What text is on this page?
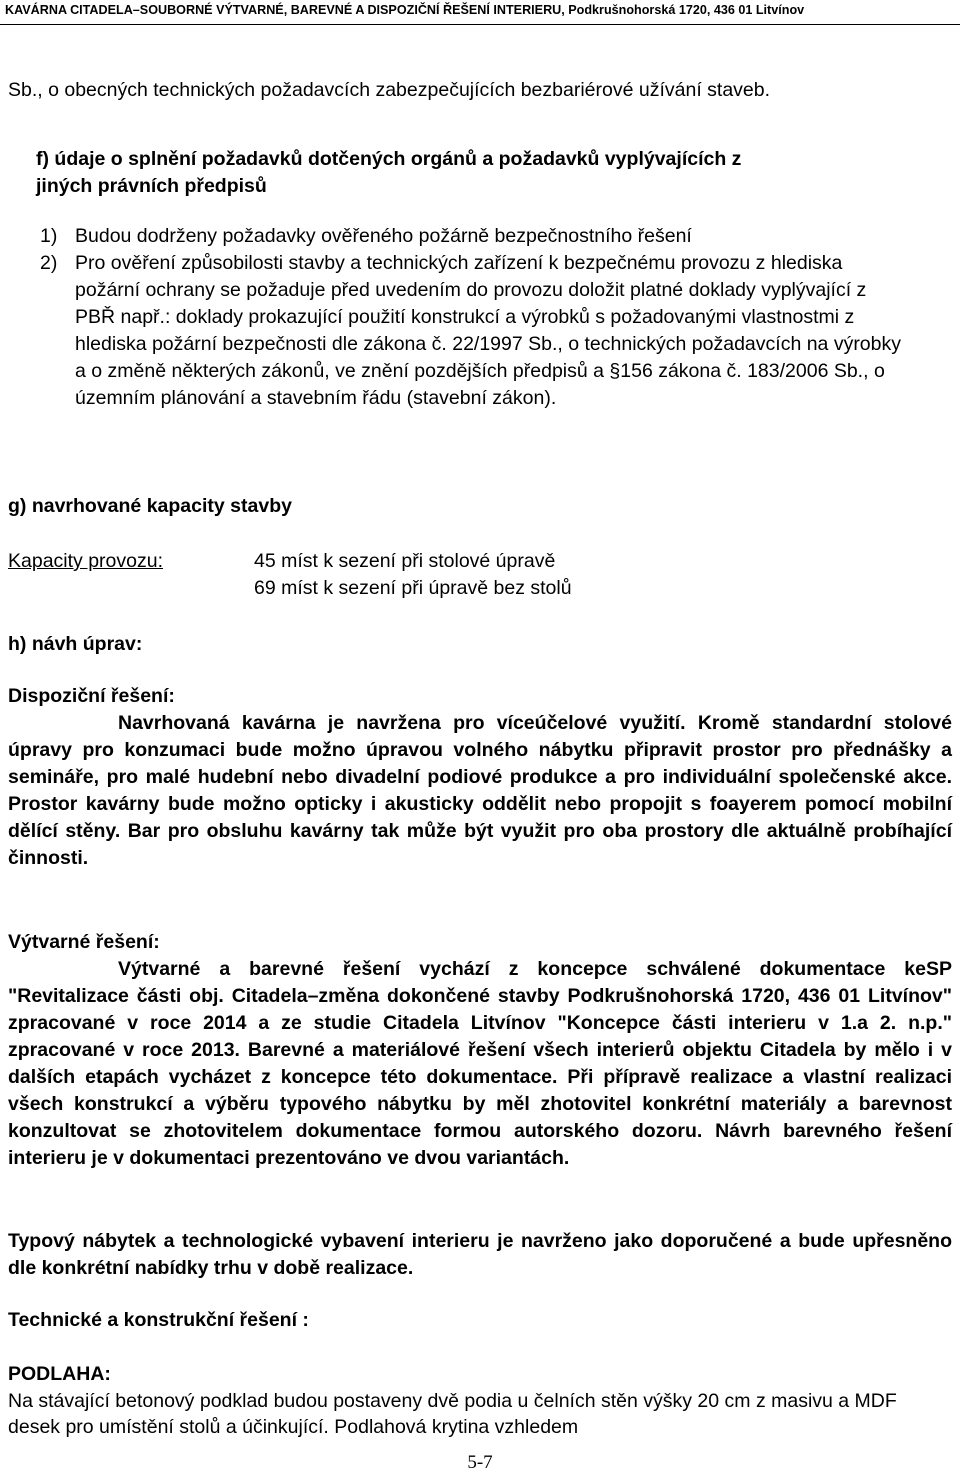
KAVÁRNA CITADELA–SOUBORNÉ VÝTVARNÉ, BAREVNÉ A DISPOZIČNÍ ŘEŠENÍ INTERIERU, Podkrušnohorská 1720, 436 01 Litvínov
Sb., o obecných technických požadavcích zabezpečujících bezbariérové užívání staveb.
f) údaje o splnění požadavků dotčených orgánů a požadavků vyplývajících z
jiných právních předpisů
1) Budou dodrženy požadavky ověřeného požárně bezpečnostního řešení
2) Pro ověření způsobilosti stavby a technických zařízení k bezpečnému provozu z hlediska požární ochrany se požaduje před uvedením do provozu doložit platné doklady vyplývající z PBŘ např.: doklady prokazující použití konstrukcí a výrobků s požadovanými vlastnostmi z hlediska požární bezpečnosti dle zákona č. 22/1997 Sb., o technických požadavcích na výrobky a o změně některých zákonů, ve znění pozdějších předpisů a §156 zákona č. 183/2006 Sb., o územním plánování a stavebním řádu (stavební zákon).
g) navrhované kapacity stavby
Kapacity provozu:	45 míst k sezení při stolové úpravě
69 míst k sezení při úpravě bez stolů
h) návh úprav:
Dispoziční řešení:
Navrhovaná kavárna je navržena pro víceúčelové využití. Kromě standardní stolové úpravy pro konzumaci bude možno úpravou volného nábytku připravit prostor pro přednášky a semináře, pro malé hudební nebo divadelní podiové produkce a pro individuální společenské akce. Prostor kavárny bude možno opticky i akusticky oddělit nebo propojit s foayerem pomocí mobilní dělící stěny. Bar pro obsluhu kavárny tak může být využit pro oba prostory dle aktuálně probíhající činnosti.
Výtvarné řešení:
Výtvarné a barevné řešení vychází z koncepce schválené dokumentace keSP "Revitalizace části obj. Citadela–změna dokončené stavby Podkrušnohorská 1720, 436 01 Litvínov" zpracované v roce 2014 a ze studie Citadela Litvínov "Koncepce části interieru v 1.a 2. n.p." zpracované v roce 2013. Barevné a materiálové řešení všech interierů objektu Citadela by mělo i v dalších etapách vycházet z koncepce této dokumentace. Při přípravě realizace a vlastní realizaci všech konstrukcí a výběru typového nábytku by měl zhotovitel konkrétní materiály a barevnost konzultovat se zhotovitelem dokumentace formou autorského dozoru. Návrh barevného řešení interieru je v dokumentaci prezentováno ve dvou variantách.
Typový nábytek a technologické vybavení interieru je navrženo jako doporučené a bude upřesněno dle konkrétní nabídky trhu v době realizace.
Technické a konstrukční řešení :
PODLAHA:
Na stávající betonový podklad budou postaveny dvě podia u čelních stěn výšky 20 cm z masivu a MDF desek pro umístění stolů a účinkující. Podlahová krytina vzhledem
5-7
